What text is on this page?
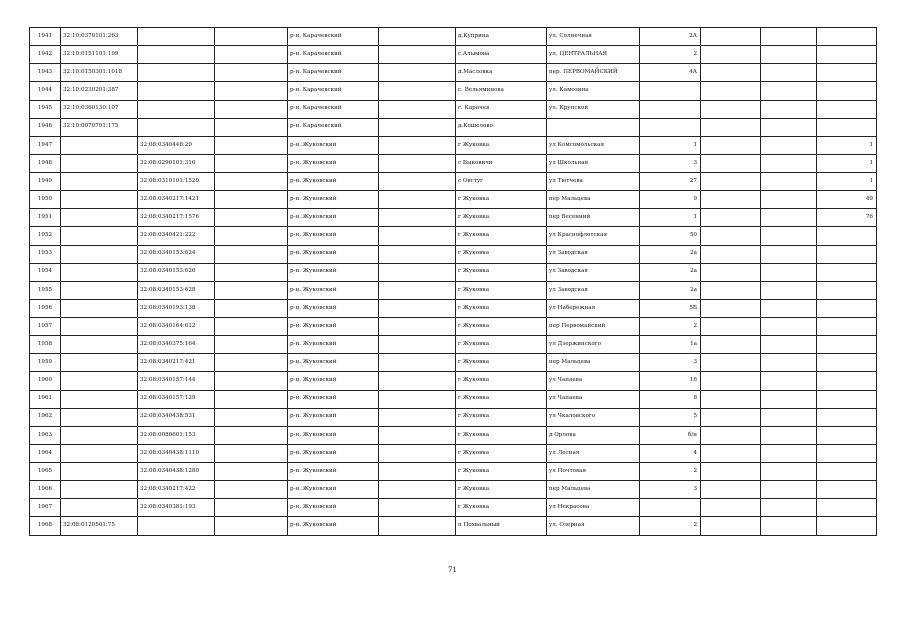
1941	32:10:0370101:263			р-н. Карачевский		д.Куприна	ул. Солнечная	2А			
1942	32:10:0151101:199			р-н. Карачевский		с.Алымова	ул. ЦЕНТРАЛЬНАЯ	2			
1943	32:10:0150301:1018			р-н. Карачевский		д.Масловка	пер. ПЕРВОМАЙСКИЙ	4А			
1944	32:10:0230201:387			р-н. Карачевский		с. Вельяминова	ул. Камозина				
1945	32:10:0360130:107			р-н. Карачевский		г. Карачев	ул. Крупской				
1946	32:10:0070701:175			р-н. Карачевский		д.Кошелово					
1947		32:08:0340448:29		р-н. Жуковский		г Жуковка	ул Комсомольская	1			1
1948		32:08:0290101:316		р-н. Жуковский		с Быковичи	ул Школьная	3			1
1949		32:08:0310101:1520		р-н. Жуковский		с Овстуг	ул Тютчева	27			1
1950		32:08:0340217:1421		р-н. Жуковский		г Жуковка	пер Мальцева	9			49
1951		32:08:0340217:1576		р-н. Жуковский		г Жуковка	пер Весенний	1			76
1952		32:08:0340421:222		р-н. Жуковский		г Жуковка	ул Краснофлотская	50			
1953		32:08:0340153:624		р-н. Жуковский		г Жуковка	ул Заводская	2а			
1954		32:08:0340153:626		р-н. Жуковский		г Жуковка	ул Заводская	2а			
1955		32:08:0340153:628		р-н. Жуковский		г Жуковка	ул Заводская	2а			
1956		32:08:0340193:138		р-н. Жуковский		г Жуковка	ул Набережная	5Б			
1957		32:08:0340164:612		р-н. Жуковский		г Жуковка	пер Первомайский	2			
1958		32:08:0340375:164		р-н. Жуковский		г Жуковка	ул Дзержинского	1а			
1959		32:08:0340217:421		р-н. Жуковский		г Жуковка	пер Мальцева	3			
1960		32:08:0340157:144		р-н. Жуковский		г Жуковка	ул Чапаева	16			
1961		32:08:0340157:129		р-н. Жуковский		г Жуковка	ул Чапаева	8			
1962		32:08:0340438:531		р-н. Жуковский		г Жуковка	ул Чкаловского	5			
1963		32:08:0080601:153		р-н. Жуковский		г Жуковка	д Орлова	б/н			
1964		32:08:0340438:1110		р-н. Жуковский		г Жуковка	ул Лесная	4			
1965		32:08:0340438:1280		р-н. Жуковский		г Жуковка	ул Почтовая	2			
1966		32:08:0340217:422		р-н. Жуковский		г Жуковка	пер Мальцева	3			
1967		32:08:0340381:193		р-н. Жуковский		г Жуковка	ул Некрасова				
1968	32:08:0120501:75			р-н. Жуковский		п Похвальный	ул. Озерная	2			
71
